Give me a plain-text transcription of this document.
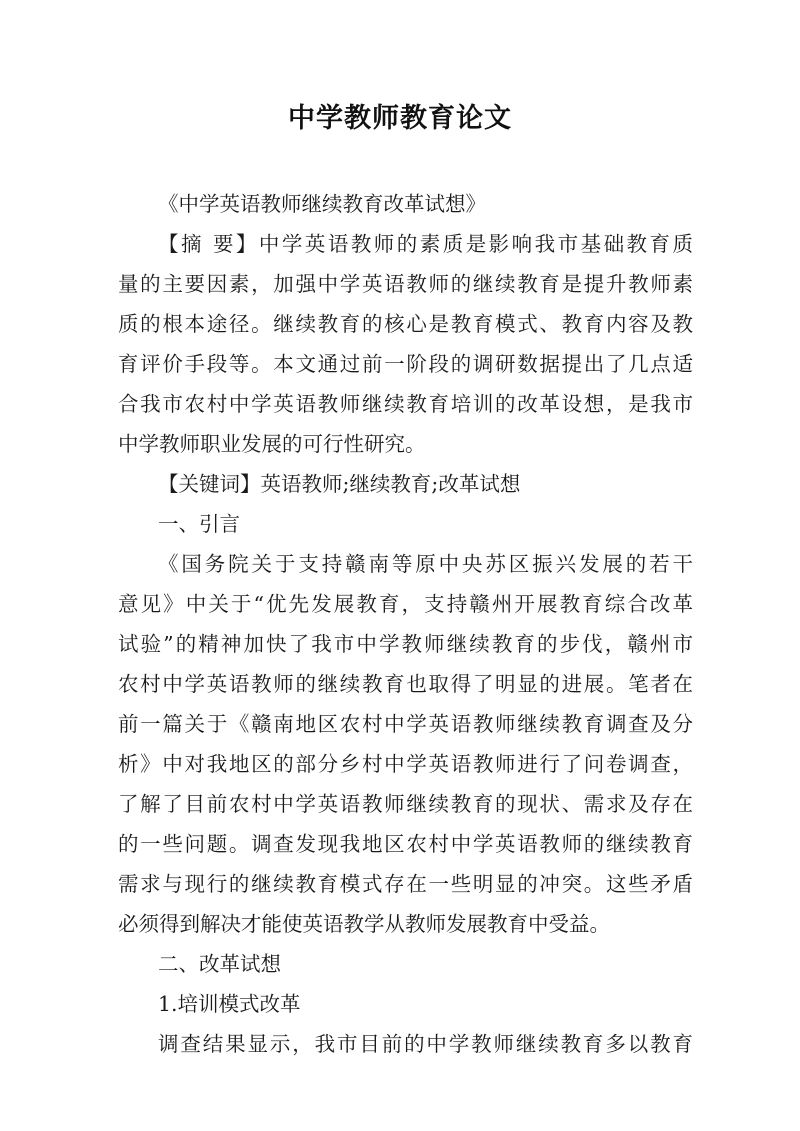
中学教师教育论文
《中学英语教师继续教育改革试想》
【摘 要】中学英语教师的素质是影响我市基础教育质
量的主要因素，加强中学英语教师的继续教育是提升教师素
质的根本途径。继续教育的核心是教育模式、教育内容及教
育评价手段等。本文通过前一阶段的调研数据提出了几点适
合我市农村中学英语教师继续教育培训的改革设想，是我市
中学教师职业发展的可行性研究。
【关键词】英语教师;继续教育;改革试想
一、引言
《国务院关于支持赣南等原中央苏区振兴发展的若干
意见》中关于“优先发展教育，支持赣州开展教育综合改革
试验”的精神加快了我市中学教师继续教育的步伐，赣州市
农村中学英语教师的继续教育也取得了明显的进展。笔者在
前一篇关于《赣南地区农村中学英语教师继续教育调查及分
析》中对我地区的部分乡村中学英语教师进行了问卷调查，
了解了目前农村中学英语教师继续教育的现状、需求及存在
的一些问题。调查发现我地区农村中学英语教师的继续教育
需求与现行的继续教育模式存在一些明显的冲突。这些矛盾
必须得到解决才能使英语教学从教师发展教育中受益。
二、改革试想
1.培训模式改革
调查结果显示，我市目前的中学教师继续教育多以教育
